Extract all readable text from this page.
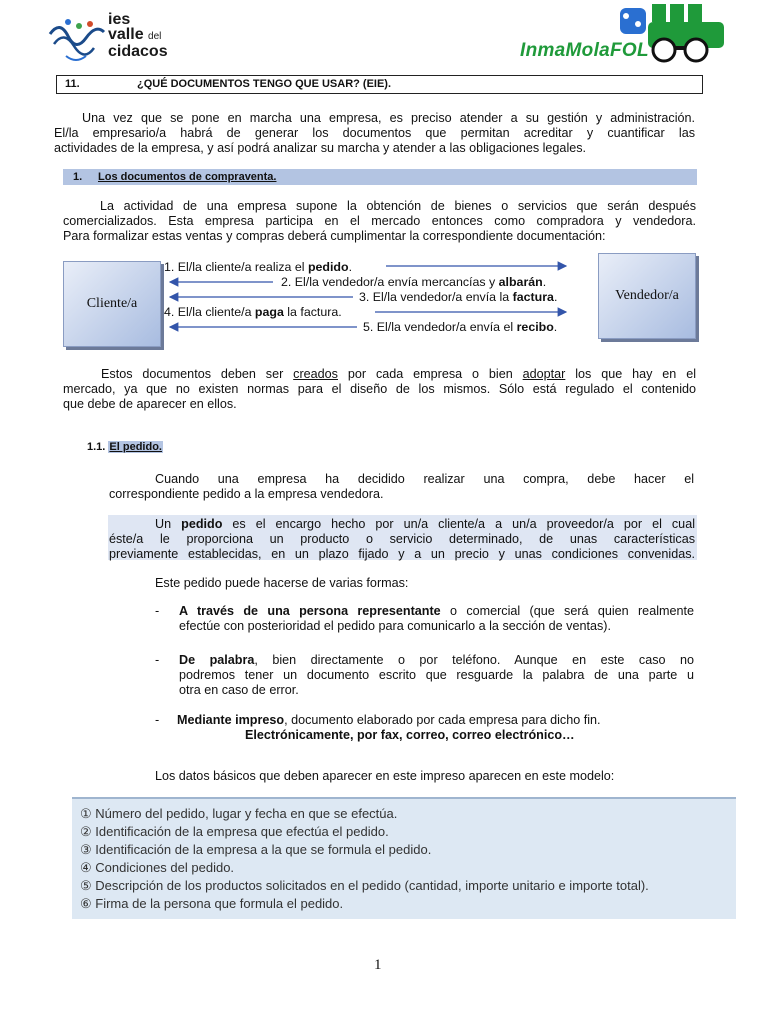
ies
valle del
cidacos	InmaMolaFOL
11.	¿QUÉ DOCUMENTOS TENGO QUE USAR? (EIE).

Una vez que se pone en marcha una empresa, es preciso atender a su gestión y administración.

El/la empresario/a habrá de generar los documentos que permitan acreditar y cuantificar las

actividades de la empresa, y así podrá analizar su marcha y atender a las obligaciones legales.

1. Los documentos de compraventa.

La actividad de una empresa supone la obtención de bienes o servicios que serán después

comercializados. Esta empresa participa en el mercado entonces como compradora y vendedora.

Para formalizar estas ventas y compras deberá cumplimentar la correspondiente documentación:

Cliente/a
Vendedor/a
1. El/la cliente/a realiza el pedido.
2. El/la vendedor/a envía mercancías y albarán.
3. El/la vendedor/a envía la factura.
4. El/la cliente/a paga la factura.
5. El/la vendedor/a envía el recibo.

Estos documentos deben ser creados por cada empresa o bien adoptar los que hay en el

mercado, ya que no existen normas para el diseño de los mismos. Sólo está regulado el contenido

que debe de aparecer en ellos.

1.1. El pedido.

Cuando una empresa ha decidido realizar una compra, debe hacer el

correspondiente pedido a la empresa vendedora.

Un pedido es el encargo hecho por un/a cliente/a a un/a proveedor/a por el cual

éste/a le proporciona un producto o servicio determinado, de unas características

previamente establecidas, en un plazo fijado y a un precio y unas condiciones convenidas.

Este pedido puede hacerse de varias formas:

- A través de una persona representante o comercial (que será quien realmente

efectúe con posterioridad el pedido para comunicarlo a la sección de ventas).

- De palabra, bien directamente o por teléfono. Aunque en este caso no

podremos tener un documento escrito que resguarde la palabra de una parte u

otra en caso de error.

- Mediante impreso, documento elaborado por cada empresa para dicho fin.

Electrónicamente, por fax, correo, correo electrónico…

Los datos básicos que deben aparecer en este impreso aparecen en este modelo:

① Número del pedido, lugar y fecha en que se efectúa.
② Identificación de la empresa que efectúa el pedido.
③ Identificación de la empresa a la que se formula el pedido.
④ Condiciones del pedido.
⑤ Descripción de los productos solicitados en el pedido (cantidad, importe unitario e importe total).
⑥ Firma de la persona que formula el pedido.
1
